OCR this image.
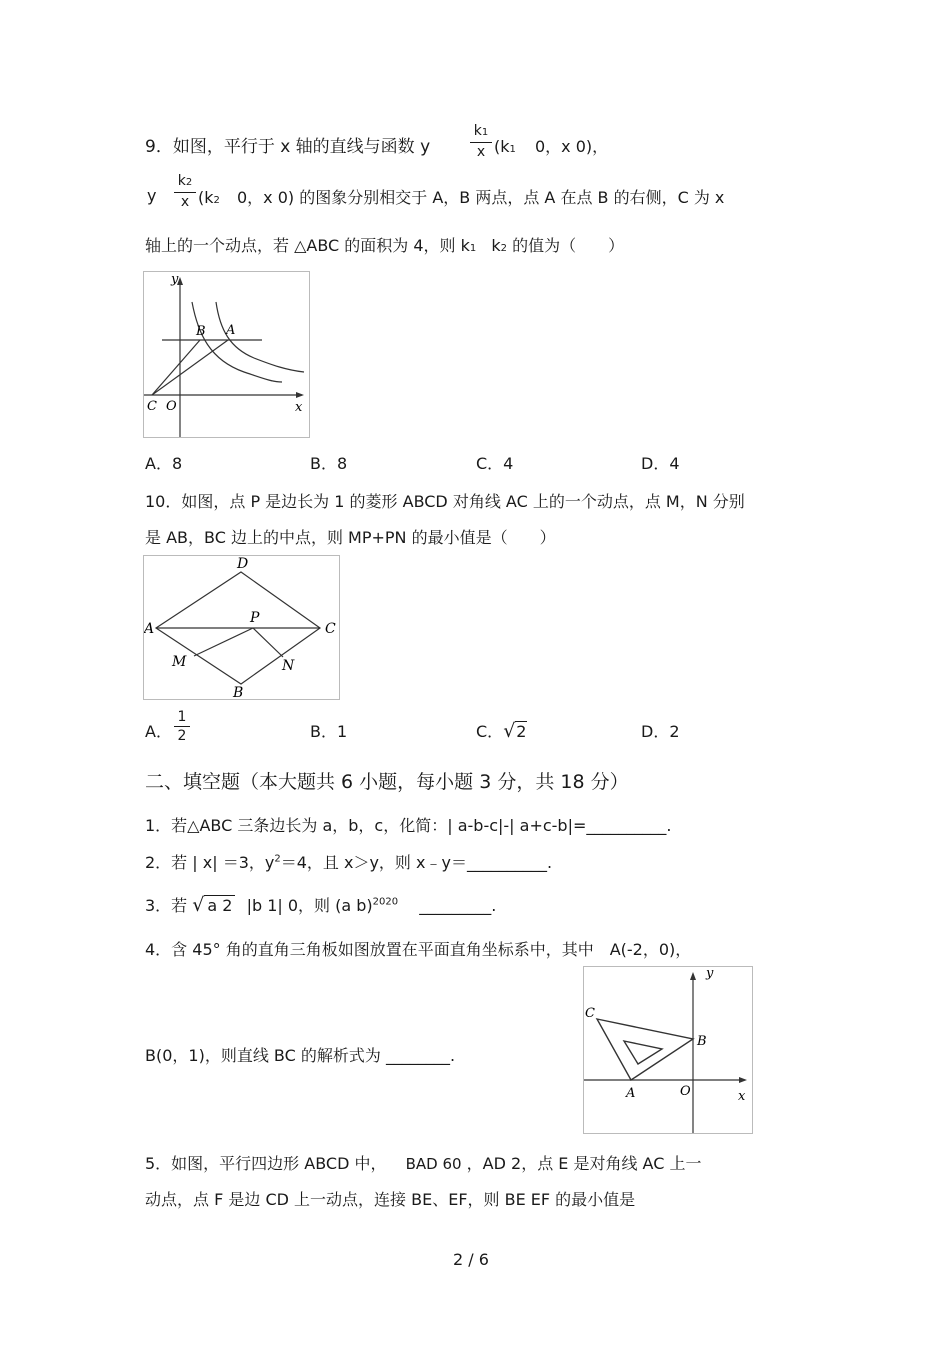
9．如图，平行于 x 轴的直线与函数 y
k1
x (k1 0，x 0)，
y
k2
x (k2 0，x 0) 的图象分别相交于 A，B 两点，点 A 在点 B 的右侧，C 为 x
轴上的一个动点，若 △ABC 的面积为 4，则 k1 k2 的值为（　　）
y
x
B A
C O
A．8	B．8	C．4	D．4
10．如图，点 P 是边长为 1 的菱形 ABCD 对角线 AC 上的一个动点，点 M，N 分别
是 AB，BC 边上的中点，则 MP+PN 的最小值是（　　）
D
A
P
C
M	N
B
A．
1
2	B．1	C．√2	D．2
二、填空题（本大题共 6 小题，每小题 3 分，共 18 分）
1．若△ABC 三条边长为 a，b，c，化简：| a-b-c|-| a+c-b|=__________.
2．若 | x| ＝3，$y^2=4$，且 x＞y，则 x﹣y＝__________.
3．若 √ a 2 |b 1| 0，则 (a b)$^{2020}$ _________.
4．含 45° 角的直角三角板如图放置在平面直角坐标系中，其中　A(-2，0)，
B(0，1)，则直线 BC 的解析式为 ________.
y
x
C
B
A	O
5．如图，平行四边形 ABCD 中， BAD 60 ，AD 2，点 E 是对角线 AC 上一
动点，点 F 是边 CD 上一动点，连接 BE、EF，则 BE EF 的最小值是
2 / 6
